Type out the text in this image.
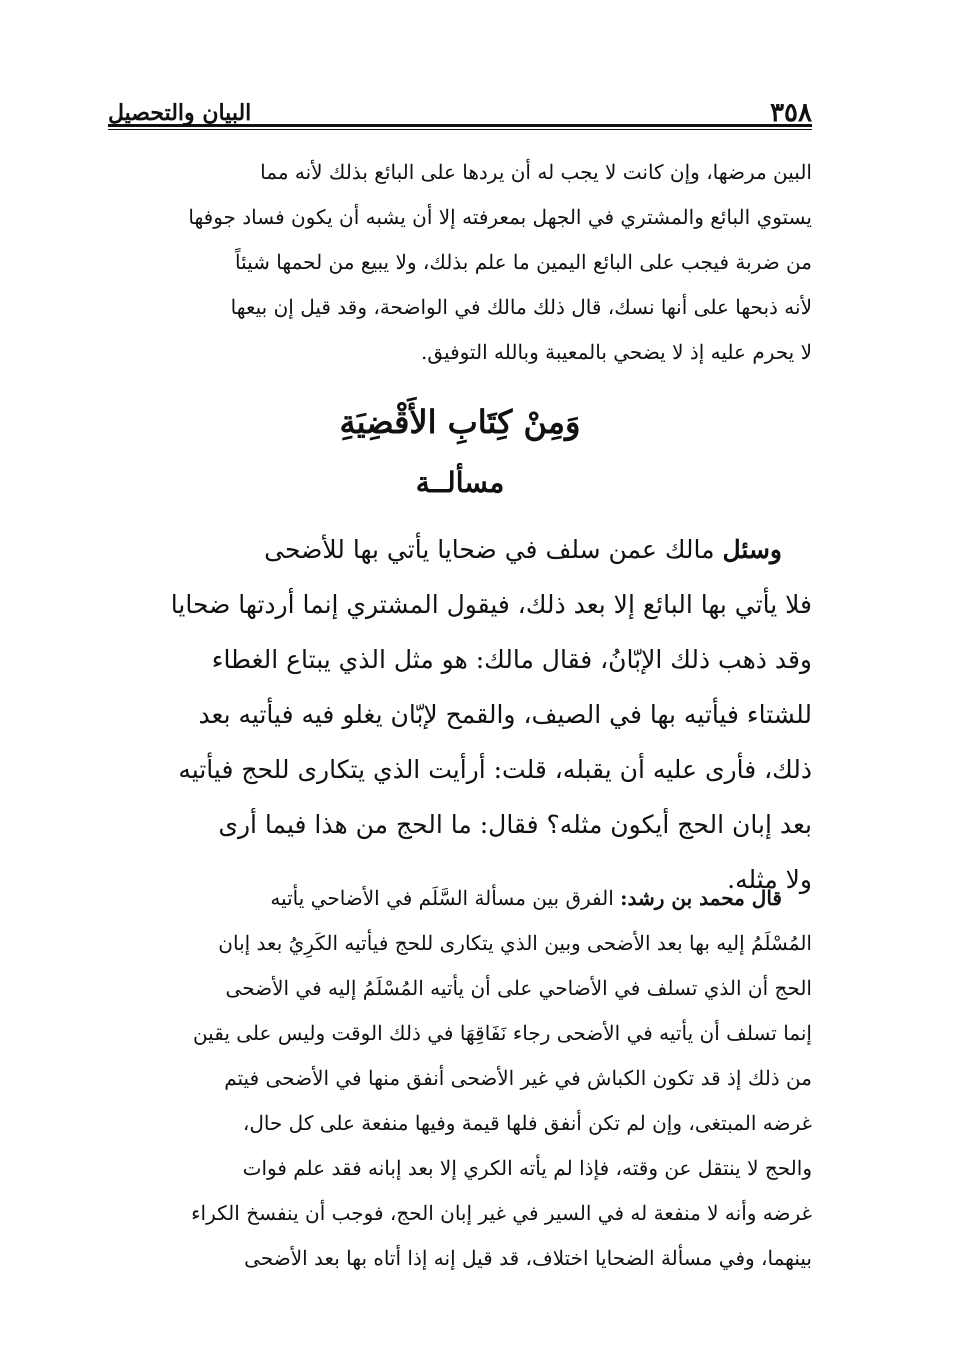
٣٥٨
البيان والتحصيل

البين مرضها، وإن كانت لا يجب له أن يردها على البائع بذلك لأنه مما
يستوي البائع والمشتري في الجهل بمعرفته إلا أن يشبه أن يكون فساد جوفها
من ضربة فيجب على البائع اليمين ما علم بذلك، ولا يبيع من لحمها شيئاً
لأنه ذبحها على أنها نسك، قال ذلك مالك في الواضحة، وقد قيل إن بيعها
لا يحرم عليه إذ لا يضحي بالمعيبة وبالله التوفيق.

وَمِنْ كِتَابِ الأَقْضِيَةِ
مسألــة

وسئل مالك عمن سلف في ضحايا يأتي بها للأضحى
فلا يأتي بها البائع إلا بعد ذلك، فيقول المشتري إنما أردتها ضحايا
وقد ذهب ذلك الإبّانُ، فقال مالك: هو مثل الذي يبتاع الغطاء
للشتاء فيأتيه بها في الصيف، والقمح لإبّان يغلو فيه فيأتيه بعد
ذلك، فأرى عليه أن يقبله، قلت: أرأيت الذي يتكارى للحج فيأتيه
بعد إبان الحج أيكون مثله؟ فقال: ما الحج من هذا فيما أرى
ولا مثله.

قال محمد بن رشد: الفرق بين مسألة السَّلَم في الأضاحي يأتيه
المُسْلَمُ إليه بها بعد الأضحى وبين الذي يتكارى للحج فيأتيه الكَرِيُ بعد إبان
الحج أن الذي تسلف في الأضاحي على أن يأتيه المُسْلَمُ إليه في الأضحى
إنما تسلف أن يأتيه في الأضحى رجاء نَفَاقِهَا في ذلك الوقت وليس على يقين
من ذلك إذ قد تكون الكباش في غير الأضحى أنفق منها في الأضحى فيتم
غرضه المبتغى، وإن لم تكن أنفق فلها قيمة وفيها منفعة على كل حال،
والحج لا ينتقل عن وقته، فإذا لم يأته الكري إلا بعد إبانه فقد علم فوات
غرضه وأنه لا منفعة له في السير في غير إبان الحج، فوجب أن ينفسخ الكراء
بينهما، وفي مسألة الضحايا اختلاف، قد قيل إنه إذا أتاه بها بعد الأضحى
